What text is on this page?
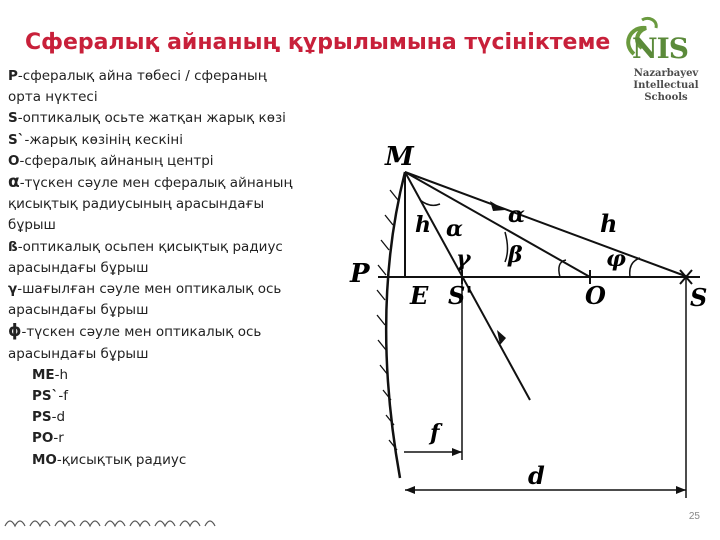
Сфералық айнаның құрылымына түсініктеме NIS
Nazarbayev
Intellectual
Schools
P-сфералық айна төбесі / сфераның
орта нүктесі
S-оптикалық осьте жатқан жарық көзі
S`-жарық көзінің кескіні
O-сфералық айнаның центрі
α-түскен сәуле мен сфералық айнаның
қисықтық радиусының арасындағы
бұрыш
ß-оптикалық осьпен қисықтық радиус
арасындағы бұрыш
γ-шағылған сәуле мен оптикалық ось
арасындағы бұрыш
ϕ-түскен сәуле мен оптикалық ось
арасындағы бұрыш
ME-h
PS`-f
PS-d
PO-r
MO-қисықтық радиус
M
P
E S'	O	S
h	h
α
α
β
γ	φ
f
d
25
